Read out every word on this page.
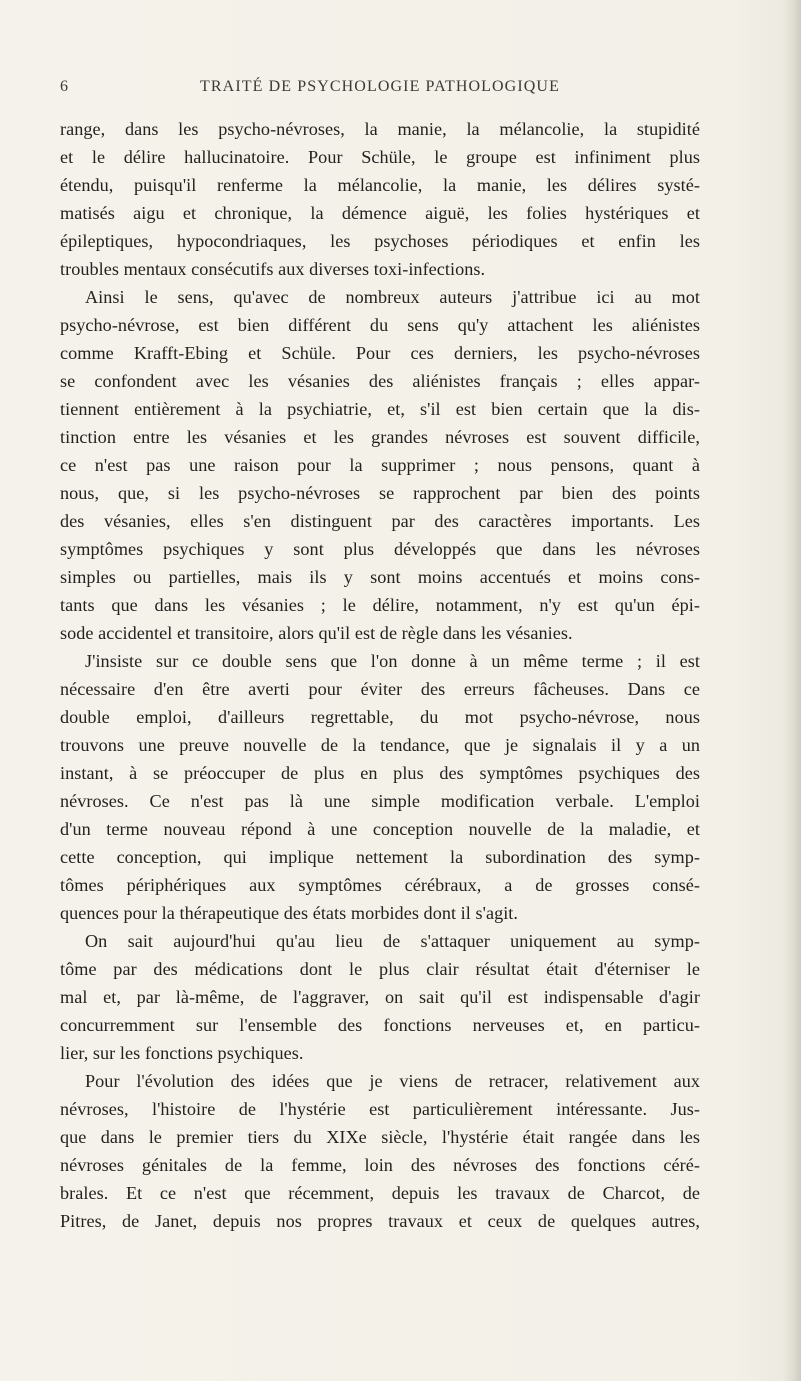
6	TRAITÉ DE PSYCHOLOGIE PATHOLOGIQUE
range, dans les psycho-névroses, la manie, la mélancolie, la stupidité
et le délire hallucinatoire. Pour Schüle, le groupe est infiniment plus
étendu, puisqu'il renferme la mélancolie, la manie, les délires systé-
matisés aigu et chronique, la démence aiguë, les folies hystériques et
épileptiques, hypocondriaques, les psychoses périodiques et enfin les
troubles mentaux consécutifs aux diverses toxi-infections.
Ainsi le sens, qu'avec de nombreux auteurs j'attribue ici au mot
psycho-névrose, est bien différent du sens qu'y attachent les aliénistes
comme Krafft-Ebing et Schüle. Pour ces derniers, les psycho-névroses
se confondent avec les vésanies des aliénistes français ; elles appar-
tiennent entièrement à la psychiatrie, et, s'il est bien certain que la dis-
tinction entre les vésanies et les grandes névroses est souvent difficile,
ce n'est pas une raison pour la supprimer ; nous pensons, quant à
nous, que, si les psycho-névroses se rapprochent par bien des points
des vésanies, elles s'en distinguent par des caractères importants. Les
symptômes psychiques y sont plus développés que dans les névroses
simples ou partielles, mais ils y sont moins accentués et moins cons-
tants que dans les vésanies ; le délire, notamment, n'y est qu'un épi-
sode accidentel et transitoire, alors qu'il est de règle dans les vésanies.
J'insiste sur ce double sens que l'on donne à un même terme ; il est
nécessaire d'en être averti pour éviter des erreurs fâcheuses. Dans ce
double emploi, d'ailleurs regrettable, du mot psycho-névrose, nous
trouvons une preuve nouvelle de la tendance, que je signalais il y a un
instant, à se préoccuper de plus en plus des symptômes psychiques des
névroses. Ce n'est pas là une simple modification verbale. L'emploi
d'un terme nouveau répond à une conception nouvelle de la maladie, et
cette conception, qui implique nettement la subordination des symp-
tômes périphériques aux symptômes cérébraux, a de grosses consé-
quences pour la thérapeutique des états morbides dont il s'agit.
On sait aujourd'hui qu'au lieu de s'attaquer uniquement au symp-
tôme par des médications dont le plus clair résultat était d'éterniser le
mal et, par là-même, de l'aggraver, on sait qu'il est indispensable d'agir
concurremment sur l'ensemble des fonctions nerveuses et, en particu-
lier, sur les fonctions psychiques.
Pour l'évolution des idées que je viens de retracer, relativement aux
névroses, l'histoire de l'hystérie est particulièrement intéressante. Jus-
que dans le premier tiers du XIXe siècle, l'hystérie était rangée dans les
névroses génitales de la femme, loin des névroses des fonctions céré-
brales. Et ce n'est que récemment, depuis les travaux de Charcot, de
Pitres, de Janet, depuis nos propres travaux et ceux de quelques autres,
